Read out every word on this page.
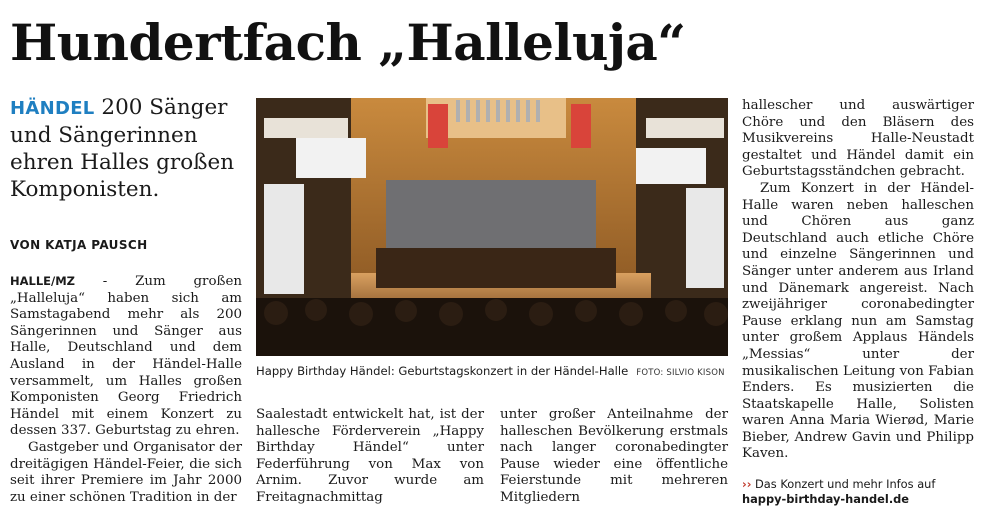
Hundertfach „Halleluja“
HÄNDEL 200 Sänger und Sängerinnen ehren Halles großen Komponisten.
VON KATJA PAUSCH

HALLE/MZ - Zum großen „Halleluja“ haben sich am Samstagabend mehr als 200 Sängerinnen und Sänger aus Halle, Deutschland und dem Ausland in der Händel-Halle versammelt, um Halles großen Komponisten Georg Friedrich Händel mit einem Konzert zu dessen 337. Geburtstag zu ehren.

Gastgeber und Organisator der dreitägigen Händel-Feier, die sich seit ihrer Premiere im Jahr 2000 zu einer schönen Tradition in der

Happy Birthday Händel: Geburtstagskonzert in der Händel-Halle FOTO: SILVIO KISON

Saalestadt entwickelt hat, ist der hallesche Förderverein „Happy Birthday Händel“ unter Federführung von Max von Arnim. Zuvor wurde am Freitagnachmittag

unter großer Anteilnahme der halleschen Bevölkerung erstmals nach langer coronabedingter Pause wieder eine öffentliche Feierstunde mit mehreren Mitgliedern

hallescher und auswärtiger Chöre und den Bläsern des Musikvereins Halle-Neustadt gestaltet und Händel damit ein Geburtstagsständchen gebracht.

Zum Konzert in der Händel-Halle waren neben halleschen und Chören aus ganz Deutschland auch etliche Chöre und einzelne Sängerinnen und Sänger unter anderem aus Irland und Dänemark angereist. Nach zweijähriger coronabedingter Pause erklang nun am Samstag unter großem Applaus Händels „Messias“ unter der musikalischen Leitung von Fabian Enders. Es musizierten die Staatskapelle Halle, Solisten waren Anna Maria Wierød, Marie Bieber, Andrew Gavin und Philipp Kaven.

›› Das Konzert und mehr Infos auf happy-birthday-handel.de
